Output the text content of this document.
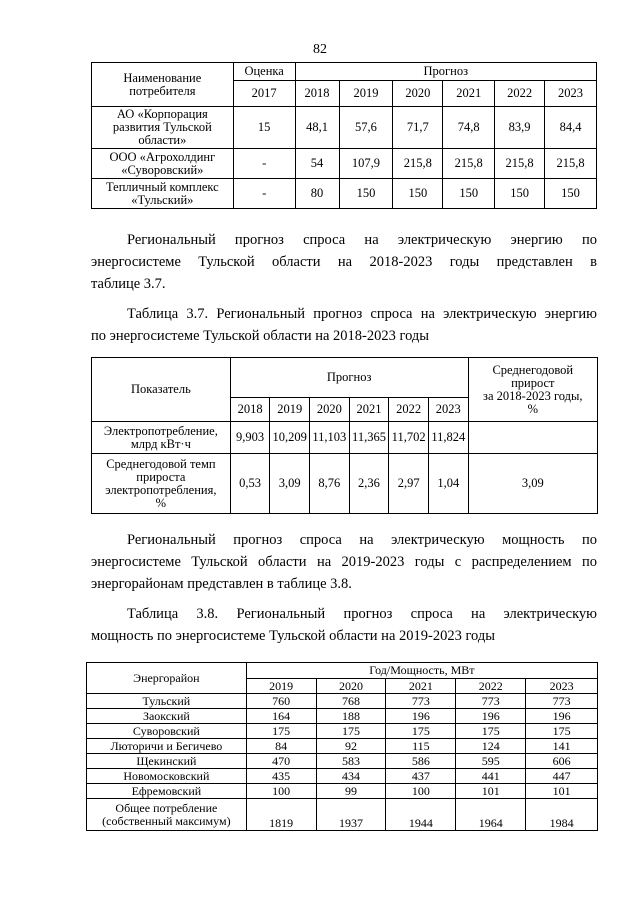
82
Наименование
потребителя	Оценка	Прогноз					
	2017	2018	2019	2020	2021	2022	2023

АО «Корпорация
развития Тульской
области»	15	48,1	57,6	71,7	74,8	83,9	84,4

ООО «Агрохолдинг
«Суворовский»	-	54	107,9	215,8	215,8	215,8	215,8

Тепличный комплекс
«Тульский»	-	80	150	150	150	150	150
Региональный прогноз спроса на электрическую энергию по
энергосистеме Тульской области на 2018-2023 годы представлен в
таблице 3.7.
Таблица 3.7. Региональный прогноз спроса на электрическую энергию
по энергосистеме Тульской области на 2018-2023 годы
Показатель	Прогноз						Среднегодовой
прирост
за 2018-2023 годы,
%

	2018	2019	2020	2021	2022	2023	

Электропотребление,
млрд кВт·ч	9,903	10,209	11,103	11,365	11,702	11,824	

Среднегодовой темп
прироста
электропотребления,
%	0,53	3,09	8,76	2,36	2,97	1,04	3,09
Региональный прогноз спроса на электрическую мощность по
энергосистеме Тульской области на 2019-2023 годы с распределением по
энергорайонам представлен в таблице 3.8.
Таблица 3.8. Региональный прогноз спроса на электрическую
мощность по энергосистеме Тульской области на 2019-2023 годы
Энергорайон	Год/Мощность, МВт				
	2019	2020	2021	2022	2023
Тульский	760	768	773	773	773
Заокский	164	188	196	196	196
Суворовский	175	175	175	175	175
Люторичи и Бегичево	84	92	115	124	141
Щекинский	470	583	586	595	606
Новомосковский	435	434	437	441	447
Ефремовский	100	99	100	101	101

Общее потребление
(собственный максимум)	1819	1937	1944	1964	1984
